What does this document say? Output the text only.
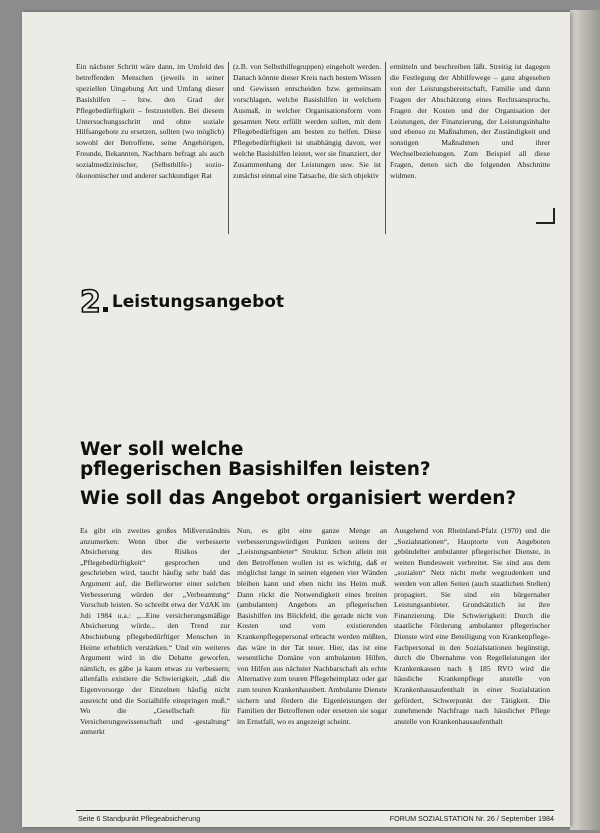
Ein nächster Schritt wäre dann, im Umfeld des betreffenden Menschen (jeweils in seiner speziellen Umgebung Art und Umfang dieser Basishilfen – bzw. den Grad der Pflegebedürftigkeit – festzustellen. Bei diesem Untersuchungsschritt und ohne soziale Hilfsangebote zu ersetzen, sollten (wo möglich) sowohl der Betroffene, seine Angehörigen, Freunde, Bekannten, Nachbarn befragt als auch sozialmedizinischer, (Selbsthilfe-) sozio-ökonomischer und anderer sachkundiger Rat
(z.B. von Selbsthilfegruppen) eingeholt werden. Danach könnte dieser Kreis nach bestem Wissen und Gewissen entscheiden bzw. gemeinsam vorschlagen, welche Basishilfen in welchem Ausmaß, in welcher Organisationsform vom gesamten Netz erfüllt werden sollen, mit dem Pflegebedürftigen am besten zu helfen. Diese Pflegebedürftigkeit ist unabhängig davon, wer welche Basishilfen leistet, wer sie finanziert, der Zusammenhang der Leistungen usw. Sie ist zunächst einmal eine Tatsache, die sich objektiv
ermitteln und beschreiben läßt. Streitig ist dagegen die Festlegung der Abhilfewege – ganz abgesehen von der Leistungsbereitschaft, Familie und dann Fragen der Abschätzung eines Rechtsanspruchs, Fragen der Kosten und der Organisation der Leistungen, der Finanzierung, der Leistungsinhalte und ebenso zu Maßnahmen, der Zuständigkeit und sonstigen Maßnahmen und ihrer Wechselbeziehungen. Zum Beispiel all diese Fragen, denen sich die folgenden Abschnitte widmen.
2 Leistungsangebot
Wer soll welche
pflegerischen Basishilfen leisten?
Wie soll das Angebot organisiert werden?
Es gibt ein zweites großes Mißverständnis anzumerken: Wenn über die verbesserte Absicherung des Risikos der „Pflegebedürftigkeit“ gesprochen und geschrieben wird, taucht häufig sehr bald das Argument auf, die Befürworter einer solchen Verbesserung würden der „Verbeamtung“ Vorschub leisten. So schreibt etwa der VdAK im Juli 1984 u.a.: „...Eine versicherungsmäßige Absicherung würde... den Trend zur Abschiebung pflegebedürftiger Menschen in Heime erheblich verstärken.“ Und ein weiteres Argument wird in die Debatte geworfen, nämlich, es gäbe ja kaum etwas zu verbessern; allenfalls existiere die Schwierigkeit, „daß die Eigenvorsorge der Einzelnen häufig nicht ausreicht und die Sozialhilfe einspringen muß.“ Wo die „Gesellschaft für Versicherungswissenschaft und -gestaltung“ anmerkt
Nun, es gibt eine ganze Menge an verbesserungswürdigen Punkten seitens der „Leistungsanbieter“ Struktur. Schon allein mit den Betroffenen wollen ist es wichtig, daß er möglichst lange in seinen eigenen vier Wänden bleiben kann und eben nicht ins Heim muß. Dann rückt die Notwendigkeit eines breiten (ambulanten) Angebots an pflegerischen Basishilfen ins Blickfeld, die gerade nicht von Kosten und vom existierenden Krankenpflegepersonal erbracht werden müßten, das wäre in der Tat teuer. Hier, das ist eine wesentliche Domäne von ambulanten Hilfen, von Hilfen aus nächster Nachbarschaft als echte Alternative zum teuren Pflegeheimplatz oder gar zum teuren Krankenhausbett. Ambulante Dienste sichern und fördern die Eigenleistungen der Familien der Betroffenen oder ersetzen sie sogar im Ernstfall, wo es angezeigt scheint.
Ausgehend von Rheinland-Pfalz (1970) und die „Sozialstationen“, Hauptorte von Angeboten gebündelter ambulanter pflegerischer Dienste, in weiten Bundesweit verbreitet. Sie sind aus dem „sozialen“ Netz nicht mehr wegzudenken und werden von allen Seiten (auch staatlichen Stellen) propagiert. Sie sind ein bürgernaher Leistungsanbieter. Grundsätzlich ist ihre Finanzierung. Die Schwierigkeit: Durch die staatliche Förderung ambulanter pflegerischer Dienste wird eine Beteiligung von Krankenpflege-Fachpersonal in den Sozialstationen begünstigt, durch die Übernahme von Regelleistungen der Krankenkassen nach § 185 RVO wird die häusliche Krankenpflege anstelle von Krankenhausaufenthalt in einer Sozialstation gefördert, Schwerpunkt der Tätigkeit. Die zunehmende Nachfrage nach häuslicher Pflege anstelle von Krankenhausaufenthalt
Seite 6 Standpunkt Pflegeabsicherung	FORUM SOZIALSTATION Nr. 26 / September 1984
